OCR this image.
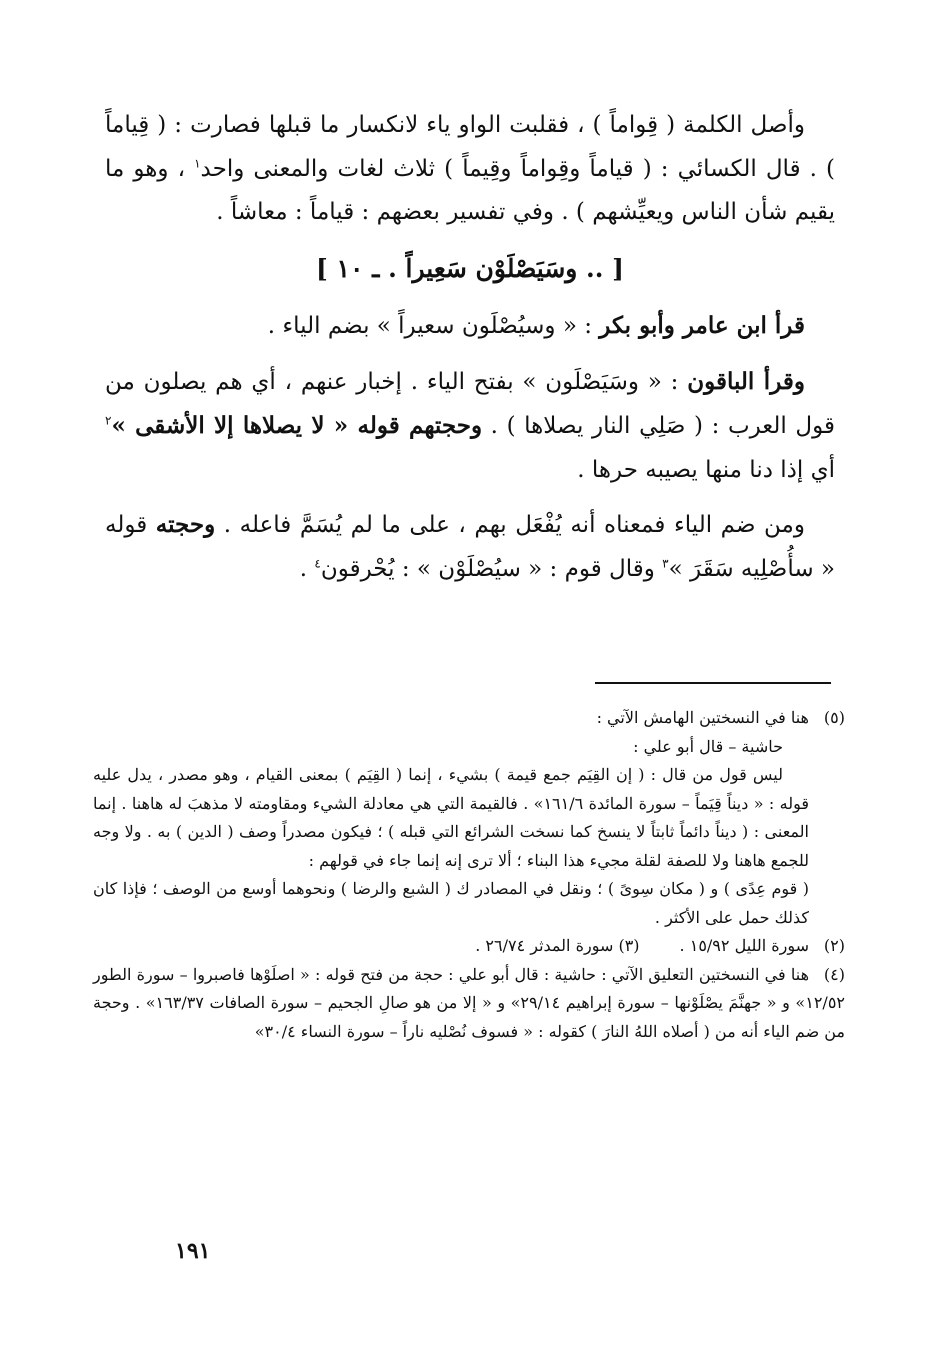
وأصل الكلمة ( قِواماً ) ، فقلبت الواو ياء لانكسار ما قبلها فصارت : ( قِياماً ) . قال الكسائي : ( قياماً وقِواماً وقِيماً ) ثلاث لغات والمعنى واحد$^١$ ، وهو ما يقيم شأن الناس ويعيِّشهم ) . وفي تفسير بعضهم : قياماً : معاشاً .

[ .. وسَيَصْلَوْن سَعِيراً . ـ ١٠ ]

قرأ ابن عامر وأبو بكر : « وسيُصْلَون سعيراً » بضم الياء .

وقرأ الباقون : « وسَيَصْلَون » بفتح الياء . إخبار عنهم ، أي هم يصلون من قول العرب : ( صَلِي النار يصلاها ) . وحجتهم قوله « لا يصلاها إلا الأشقى »$^٢$ أي إذا دنا منها يصيبه حرها .

ومن ضم الياء فمعناه أنه يُفْعَل بهم ، على ما لم يُسَمَّ فاعله . وحجته قوله « سأُصْلِيه سَقَرَ »$^٣$ وقال قوم : « سيُصْلَوْن » : يُحْرقون$^٤$ .

(٥)هنا في النسختين الهامش الآتي :

حاشية – قال أبو علي :

ليس قول من قال : ( إن القِيَم جمع قيمة ) بشيء ، إنما ( القِيَم ) بمعنى القيام ، وهو مصدر ، يدل عليه قوله : « ديناً قِيَماً – سورة المائدة ١٦١/٦» . فالقيمة التي هي معادلة الشيء ومقاومته لا مذهبَ له هاهنا . إنما المعنى : ( ديناً دائماً ثابتاً لا ينسخ كما نسخت الشرائع التي قبله ) ؛ فيكون مصدراً وصف ( الدين ) به . ولا وجه للجمع هاهنا ولا للصفة لقلة مجيء هذا البناء ؛ ألا ترى إنه إنما جاء في قولهم :

( قوم عِدًى ) و ( مكان سِوىً ) ؛ ونقل في المصادر ك ( الشبع والرضا ) ونحوهما أوسع من الوصف ؛ فإذا كان كذلك حمل على الأكثر .

(٢)سورة الليل ١٥/٩٢ .(٣) سورة المدثر ٢٦/٧٤ .

(٤)هنا في النسختين التعليق الآتي : حاشية : قال أبو علي : حجة من فتح قوله : « اصلَوْها فاصبروا – سورة الطور ١٢/٥٢» و « جهنَّمَ يصْلَوْنها – سورة إبراهيم ٢٩/١٤» و « إلا من هو صالِ الجحيم – سورة الصافات ١٦٣/٣٧» . وحجة من ضم الياء أنه من ( أصلاه اللهُ النارَ ) كقوله : « فسوف نُصْليه ناراً – سورة النساء ٣٠/٤»

١٩١
